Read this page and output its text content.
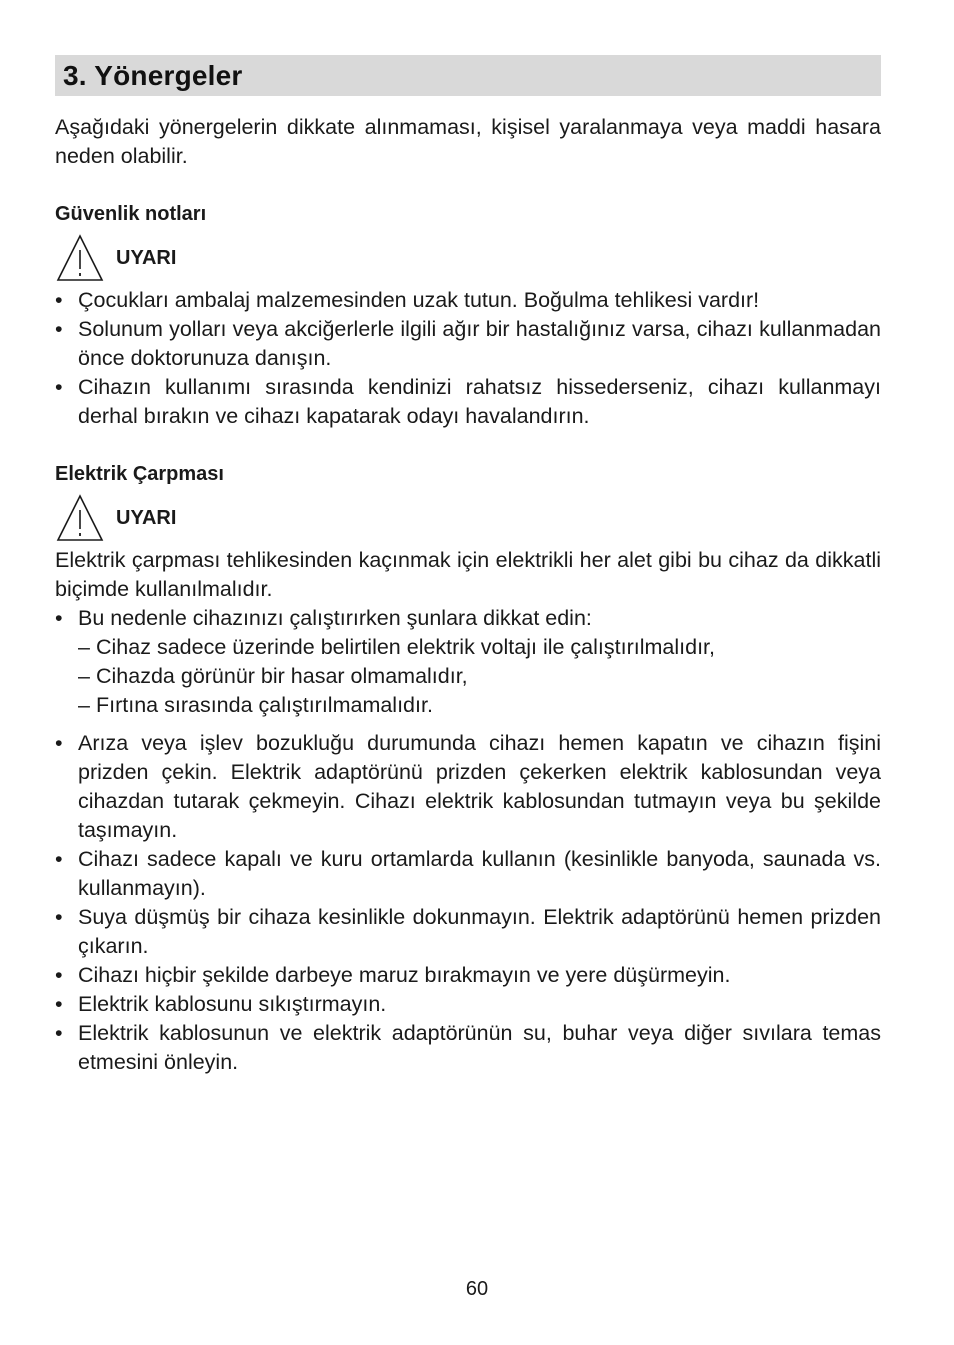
3. Yönergeler

Aşağıdaki yönergelerin dikkate alınmaması, kişisel yaralanmaya veya maddi hasara neden olabilir.

Güvenlik notları

UYARI
• Çocukları ambalaj malzemesinden uzak tutun. Boğulma tehlikesi vardır!
• Solunum yolları veya akciğerlerle ilgili ağır bir hastalığınız varsa, cihazı kullanmadan önce doktorunuza danışın.
• Cihazın kullanımı sırasında kendinizi rahatsız hissederseniz, cihazı kullanmayı derhal bırakın ve cihazı kapatarak odayı havalandırın.

Elektrik Çarpması

UYARI

Elektrik çarpması tehlikesinden kaçınmak için elektrikli her alet gibi bu cihaz da dikkatli biçimde kullanılmalıdır.

• Bu nedenle cihazınızı çalıştırırken şunlara dikkat edin:
– Cihaz sadece üzerinde belirtilen elektrik voltajı ile çalıştırılmalıdır,
– Cihazda görünür bir hasar olmamalıdır,
– Fırtına sırasında çalıştırılmamalıdır.
• Arıza veya işlev bozukluğu durumunda cihazı hemen kapatın ve cihazın fişini prizden çekin. Elektrik adaptörünü prizden çekerken elektrik kablosundan veya cihazdan tutarak çekmeyin. Cihazı elektrik kablosundan tutmayın veya bu şekilde taşımayın.
• Cihazı sadece kapalı ve kuru ortamlarda kullanın (kesinlikle banyoda, saunada vs. kullanmayın).
• Suya düşmüş bir cihaza kesinlikle dokunmayın. Elektrik adaptörünü hemen prizden çıkarın.
• Cihazı hiçbir şekilde darbeye maruz bırakmayın ve yere düşürmeyin.
• Elektrik kablosunu sıkıştırmayın.
• Elektrik kablosunun ve elektrik adaptörünün su, buhar veya diğer sıvılara temas etmesini önleyin.
60
